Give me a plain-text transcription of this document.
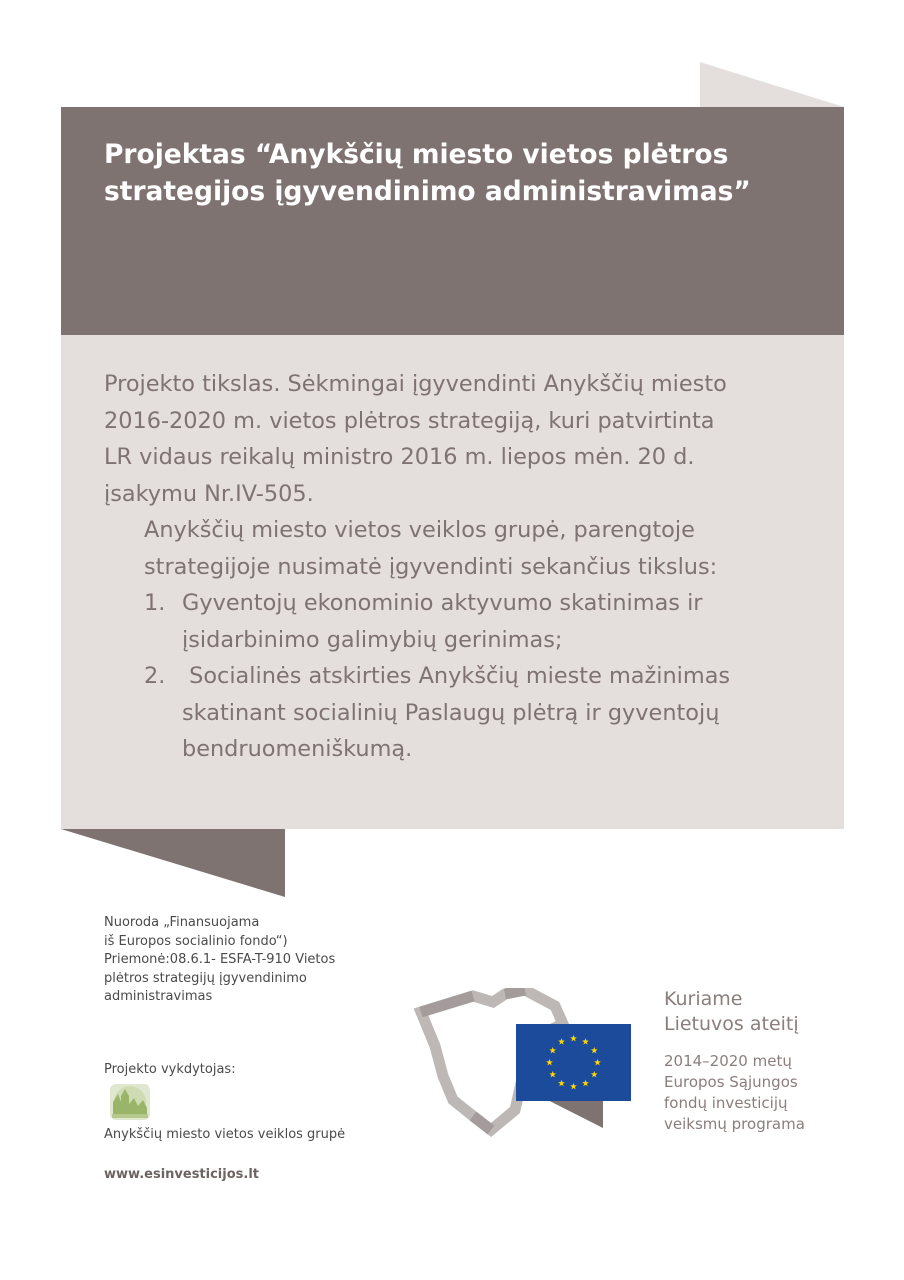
Projektas “Anykščių miesto vietos plėtros
strategijos įgyvendinimo administravimas”
Projekto tikslas. Sėkmingai įgyvendinti Anykščių miesto
2016-2020 m. vietos plėtros strategiją, kuri patvirtinta
LR vidaus reikalų ministro 2016 m. liepos mėn. 20 d.
įsakymu Nr.IV-505.
Anykščių miesto vietos veiklos grupė, parengtoje
strategijoje nusimatė įgyvendinti sekančius tikslus:
1. Gyventojų ekonominio aktyvumo skatinimas ir
įsidarbinimo galimybių gerinimas;
2. Socialinės atskirties Anykščių mieste mažinimas
skatinant socialinių Paslaugų plėtrą ir gyventojų
bendruomeniškumą.
Nuoroda „Finansuojama
iš Europos socialinio fondo“)
Priemonė:08.6.1- ESFA-T-910 Vietos
plėtros strategijų įgyvendinimo
administravimas
Projekto vykdytojas:
Anykščių miesto vietos veiklos grupė
www.esinvesticijos.lt
Kuriame
Lietuvos ateitį
2014–2020 metų
Europos Sąjungos
fondų investicijų
veiksmų programa
